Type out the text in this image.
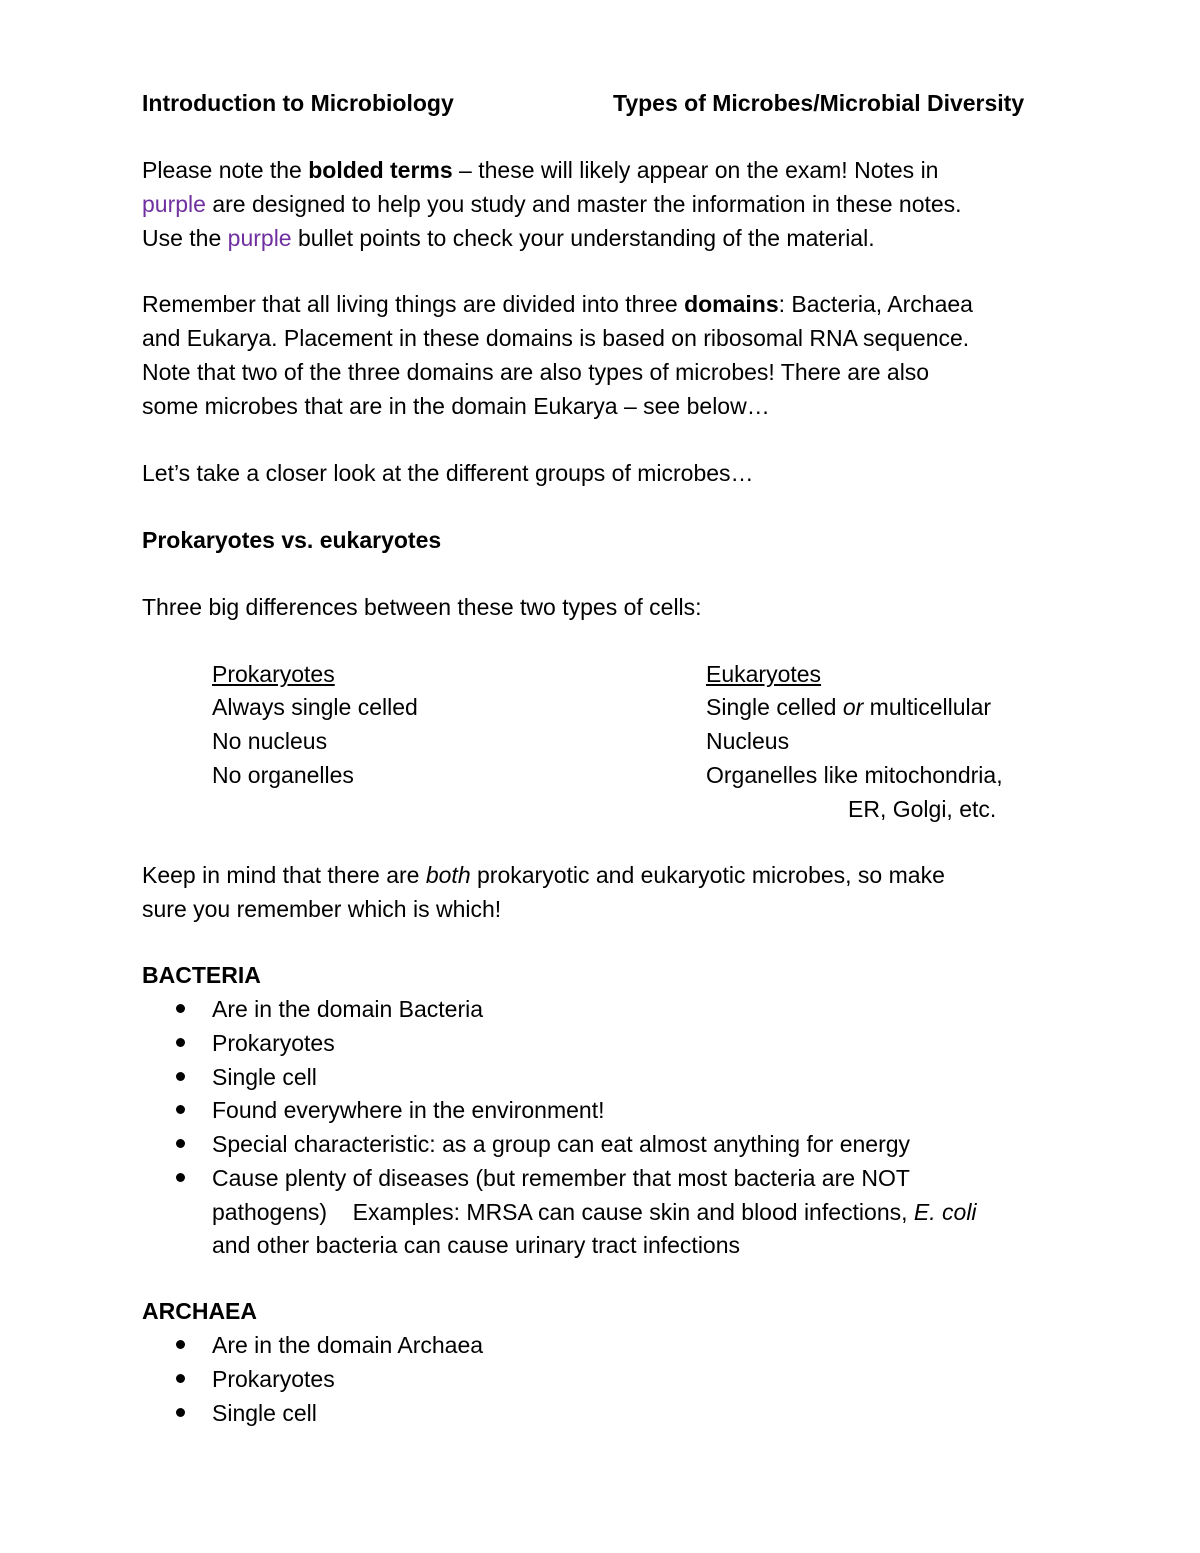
Introduction to Microbiology	Types of Microbes/Microbial Diversity
Please note the bolded terms – these will likely appear on the exam! Notes in
purple are designed to help you study and master the information in these notes.
Use the purple bullet points to check your understanding of the material.
Remember that all living things are divided into three domains: Bacteria, Archaea
and Eukarya. Placement in these domains is based on ribosomal RNA sequence.
Note that two of the three domains are also types of microbes! There are also
some microbes that are in the domain Eukarya – see below…
Let’s take a closer look at the different groups of microbes…
Prokaryotes vs. eukaryotes
Three big differences between these two types of cells:
Prokaryotes	Eukaryotes
Always single celled	Single celled or multicellular
No nucleus	Nucleus
No organelles	Organelles like mitochondria,
ER, Golgi, etc.
Keep in mind that there are both prokaryotic and eukaryotic microbes, so make
sure you remember which is which!
BACTERIA
Are in the domain Bacteria
Prokaryotes
Single cell
Found everywhere in the environment!
Special characteristic: as a group can eat almost anything for energy
Cause plenty of diseases (but remember that most bacteria are NOT
pathogens)    Examples: MRSA can cause skin and blood infections, E. coli
and other bacteria can cause urinary tract infections
ARCHAEA
Are in the domain Archaea
Prokaryotes
Single cell
